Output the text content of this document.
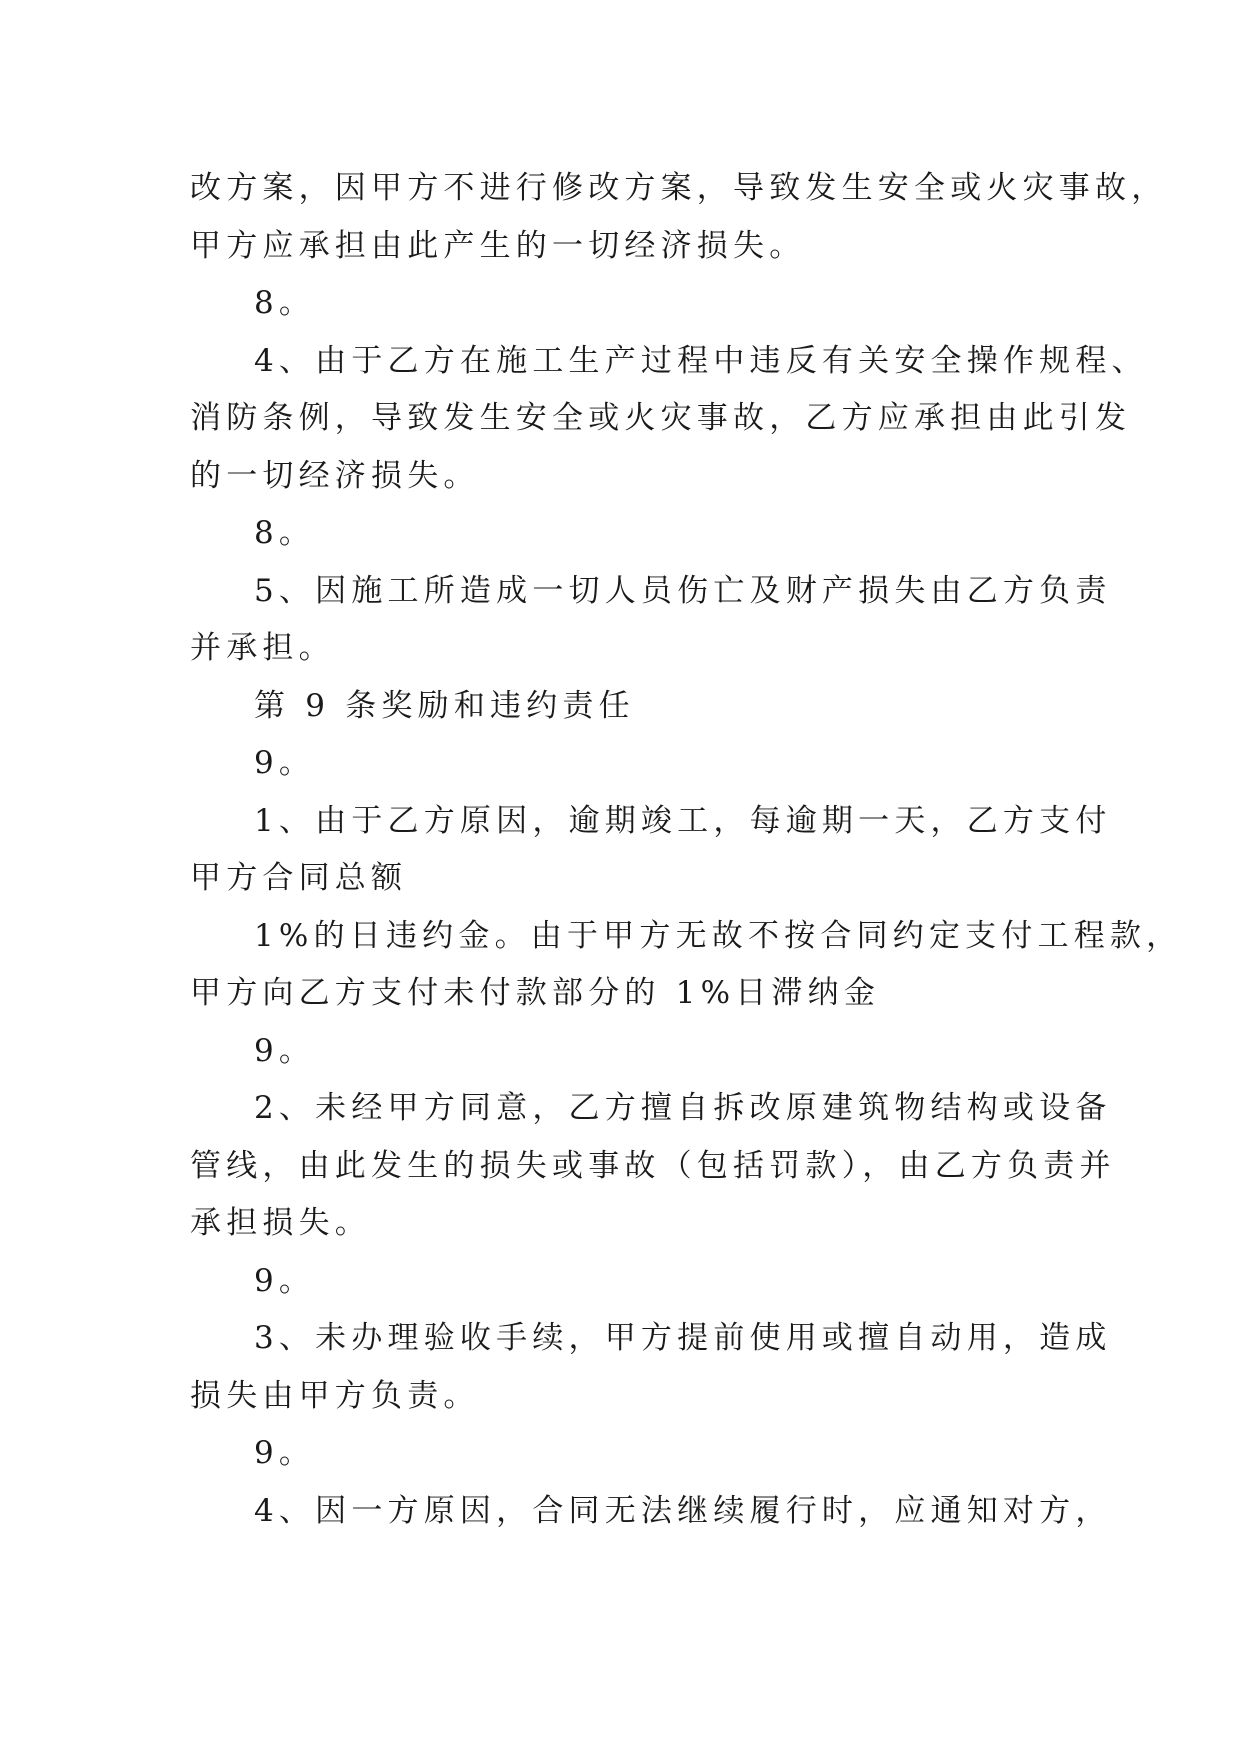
改方案，因甲方不进行修改方案，导致发生安全或火灾事故，

甲方应承担由此产生的一切经济损失。

8。

4、由于乙方在施工生产过程中违反有关安全操作规程、

消防条例，导致发生安全或火灾事故，乙方应承担由此引发

的一切经济损失。

8。

5、因施工所造成一切人员伤亡及财产损失由乙方负责

并承担。

第 9 条奖励和违约责任

9。

1、由于乙方原因，逾期竣工，每逾期一天，乙方支付

甲方合同总额

1%的日违约金。由于甲方无故不按合同约定支付工程款，

甲方向乙方支付未付款部分的 1%日滞纳金

9。

2、未经甲方同意，乙方擅自拆改原建筑物结构或设备

管线，由此发生的损失或事故（包括罚款），由乙方负责并

承担损失。

9。

3、未办理验收手续，甲方提前使用或擅自动用，造成

损失由甲方负责。

9。

4、因一方原因，合同无法继续履行时，应通知对方，
